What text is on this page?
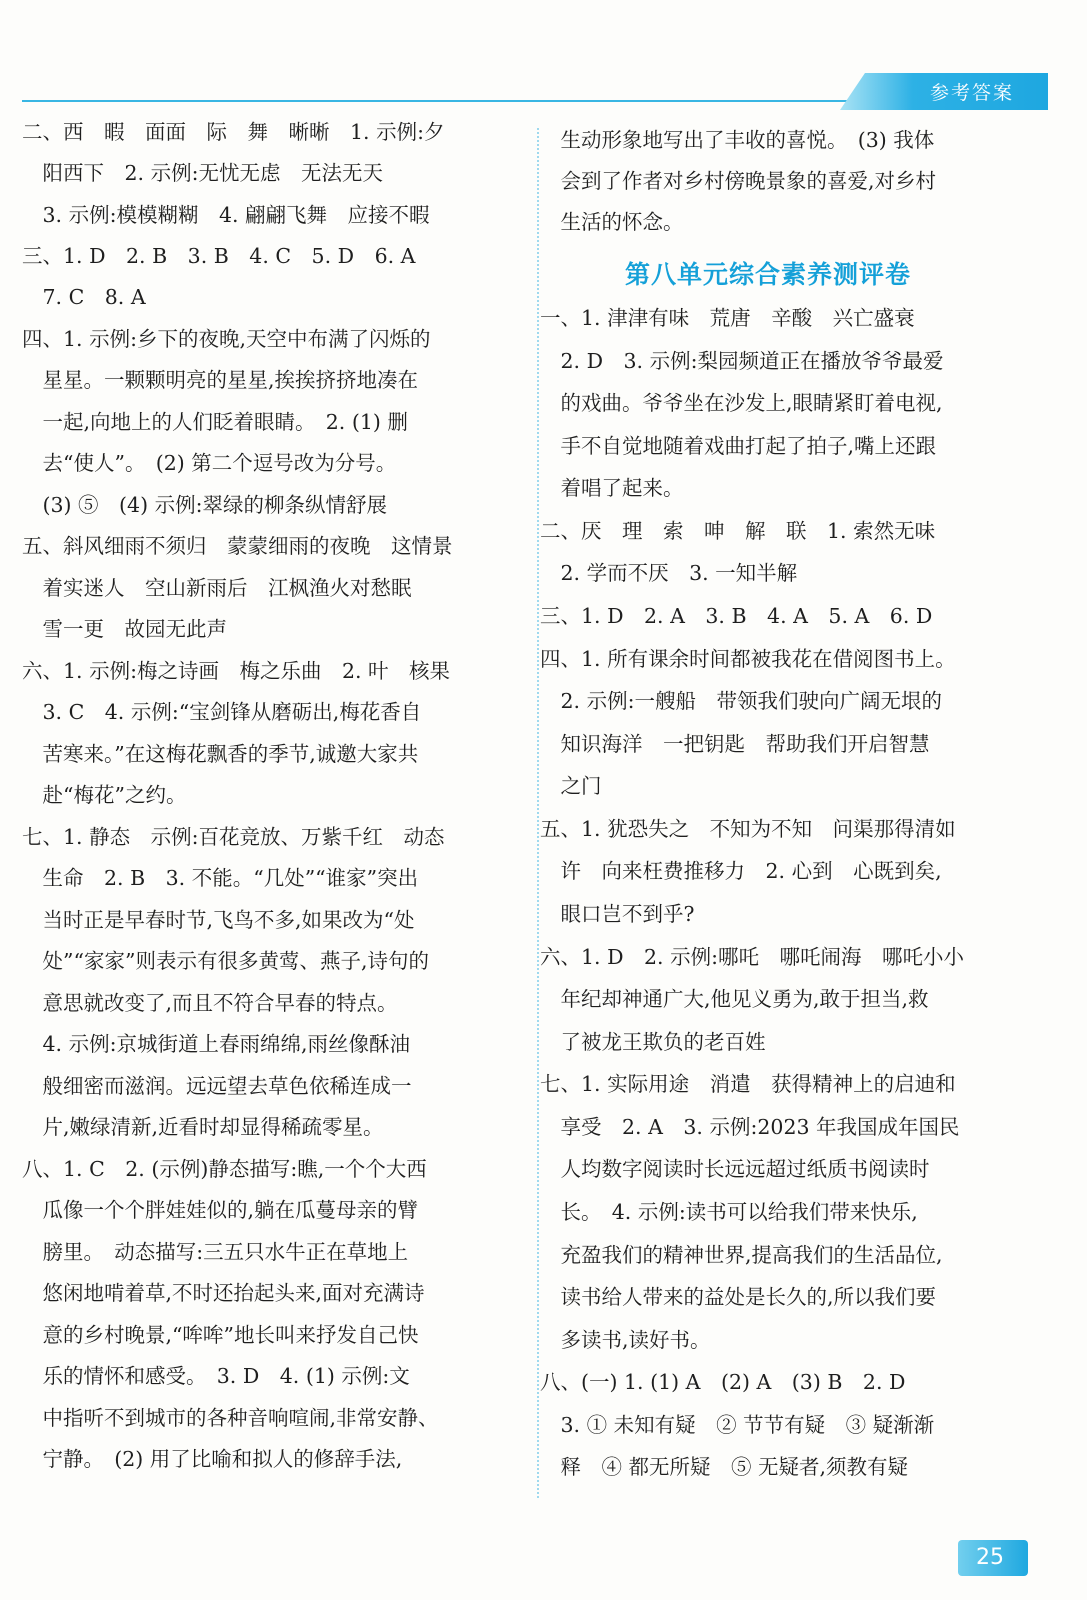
参考答案
二、西　暇　面面　际　舞　晰晰　1. 示例:夕
　阳西下　2. 示例:无忧无虑　无法无天
　3. 示例:模模糊糊　4. 翩翩飞舞　应接不暇
三、1. D　2. B　3. B　4. C　5. D　6. A
　7. C　8. A
四、1. 示例:乡下的夜晚,天空中布满了闪烁的
　星星。一颗颗明亮的星星,挨挨挤挤地凑在
　一起,向地上的人们眨着眼睛。　2. (1) 删
　去“使人”。　(2) 第二个逗号改为分号。
　(3) ⑤　(4) 示例:翠绿的柳条纵情舒展
五、斜风细雨不须归　蒙蒙细雨的夜晚　这情景
　着实迷人　空山新雨后　江枫渔火对愁眠
　雪一更　故园无此声
六、1. 示例:梅之诗画　梅之乐曲　2. 叶　核果
　3. C　4. 示例:“宝剑锋从磨砺出,梅花香自
　苦寒来。”在这梅花飘香的季节,诚邀大家共
　赴“梅花”之约。
七、1. 静态　示例:百花竞放、万紫千红　动态
　生命　2. B　3. 不能。“几处”“谁家”突出
　当时正是早春时节,飞鸟不多,如果改为“处
　处”“家家”则表示有很多黄莺、燕子,诗句的
　意思就改变了,而且不符合早春的特点。
　4. 示例:京城街道上春雨绵绵,雨丝像酥油
　般细密而滋润。远远望去草色依稀连成一
　片,嫩绿清新,近看时却显得稀疏零星。
八、1. C　2. (示例)静态描写:瞧,一个个大西
　瓜像一个个胖娃娃似的,躺在瓜蔓母亲的臂
　膀里。　动态描写:三五只水牛正在草地上
　悠闲地啃着草,不时还抬起头来,面对充满诗
　意的乡村晚景,“哞哞”地长叫来抒发自己快
　乐的情怀和感受。　3. D　4. (1) 示例:文
　中指听不到城市的各种音响喧闹,非常安静、
　宁静。　(2) 用了比喻和拟人的修辞手法,
　生动形象地写出了丰收的喜悦。　(3) 我体
　会到了作者对乡村傍晚景象的喜爱,对乡村
　生活的怀念。
一、1. 津津有味　荒唐　辛酸　兴亡盛衰
　2. D　3. 示例:梨园频道正在播放爷爷最爱
　的戏曲。爷爷坐在沙发上,眼睛紧盯着电视,
　手不自觉地随着戏曲打起了拍子,嘴上还跟
　着唱了起来。
二、厌　理　索　呻　解　联　1. 索然无味
　2. 学而不厌　3. 一知半解
三、1. D　2. A　3. B　4. A　5. A　6. D
四、1. 所有课余时间都被我花在借阅图书上。
　2. 示例:一艘船　带领我们驶向广阔无垠的
　知识海洋　一把钥匙　帮助我们开启智慧
　之门
五、1. 犹恐失之　不知为不知　问渠那得清如
　许　向来枉费推移力　2. 心到　心既到矣,
　眼口岂不到乎?
六、1. D　2. 示例:哪吒　哪吒闹海　哪吒小小
　年纪却神通广大,他见义勇为,敢于担当,救
　了被龙王欺负的老百姓
七、1. 实际用途　消遣　获得精神上的启迪和
　享受　2. A　3. 示例:2023 年我国成年国民
　人均数字阅读时长远远超过纸质书阅读时
　长。　4. 示例:读书可以给我们带来快乐,
　充盈我们的精神世界,提高我们的生活品位,
　读书给人带来的益处是长久的,所以我们要
　多读书,读好书。
八、(一) 1. (1) A　(2) A　(3) B　2. D
　3. ① 未知有疑　② 节节有疑　③ 疑渐渐
　释　④ 都无所疑　⑤ 无疑者,须教有疑
第八单元综合素养测评卷
25
